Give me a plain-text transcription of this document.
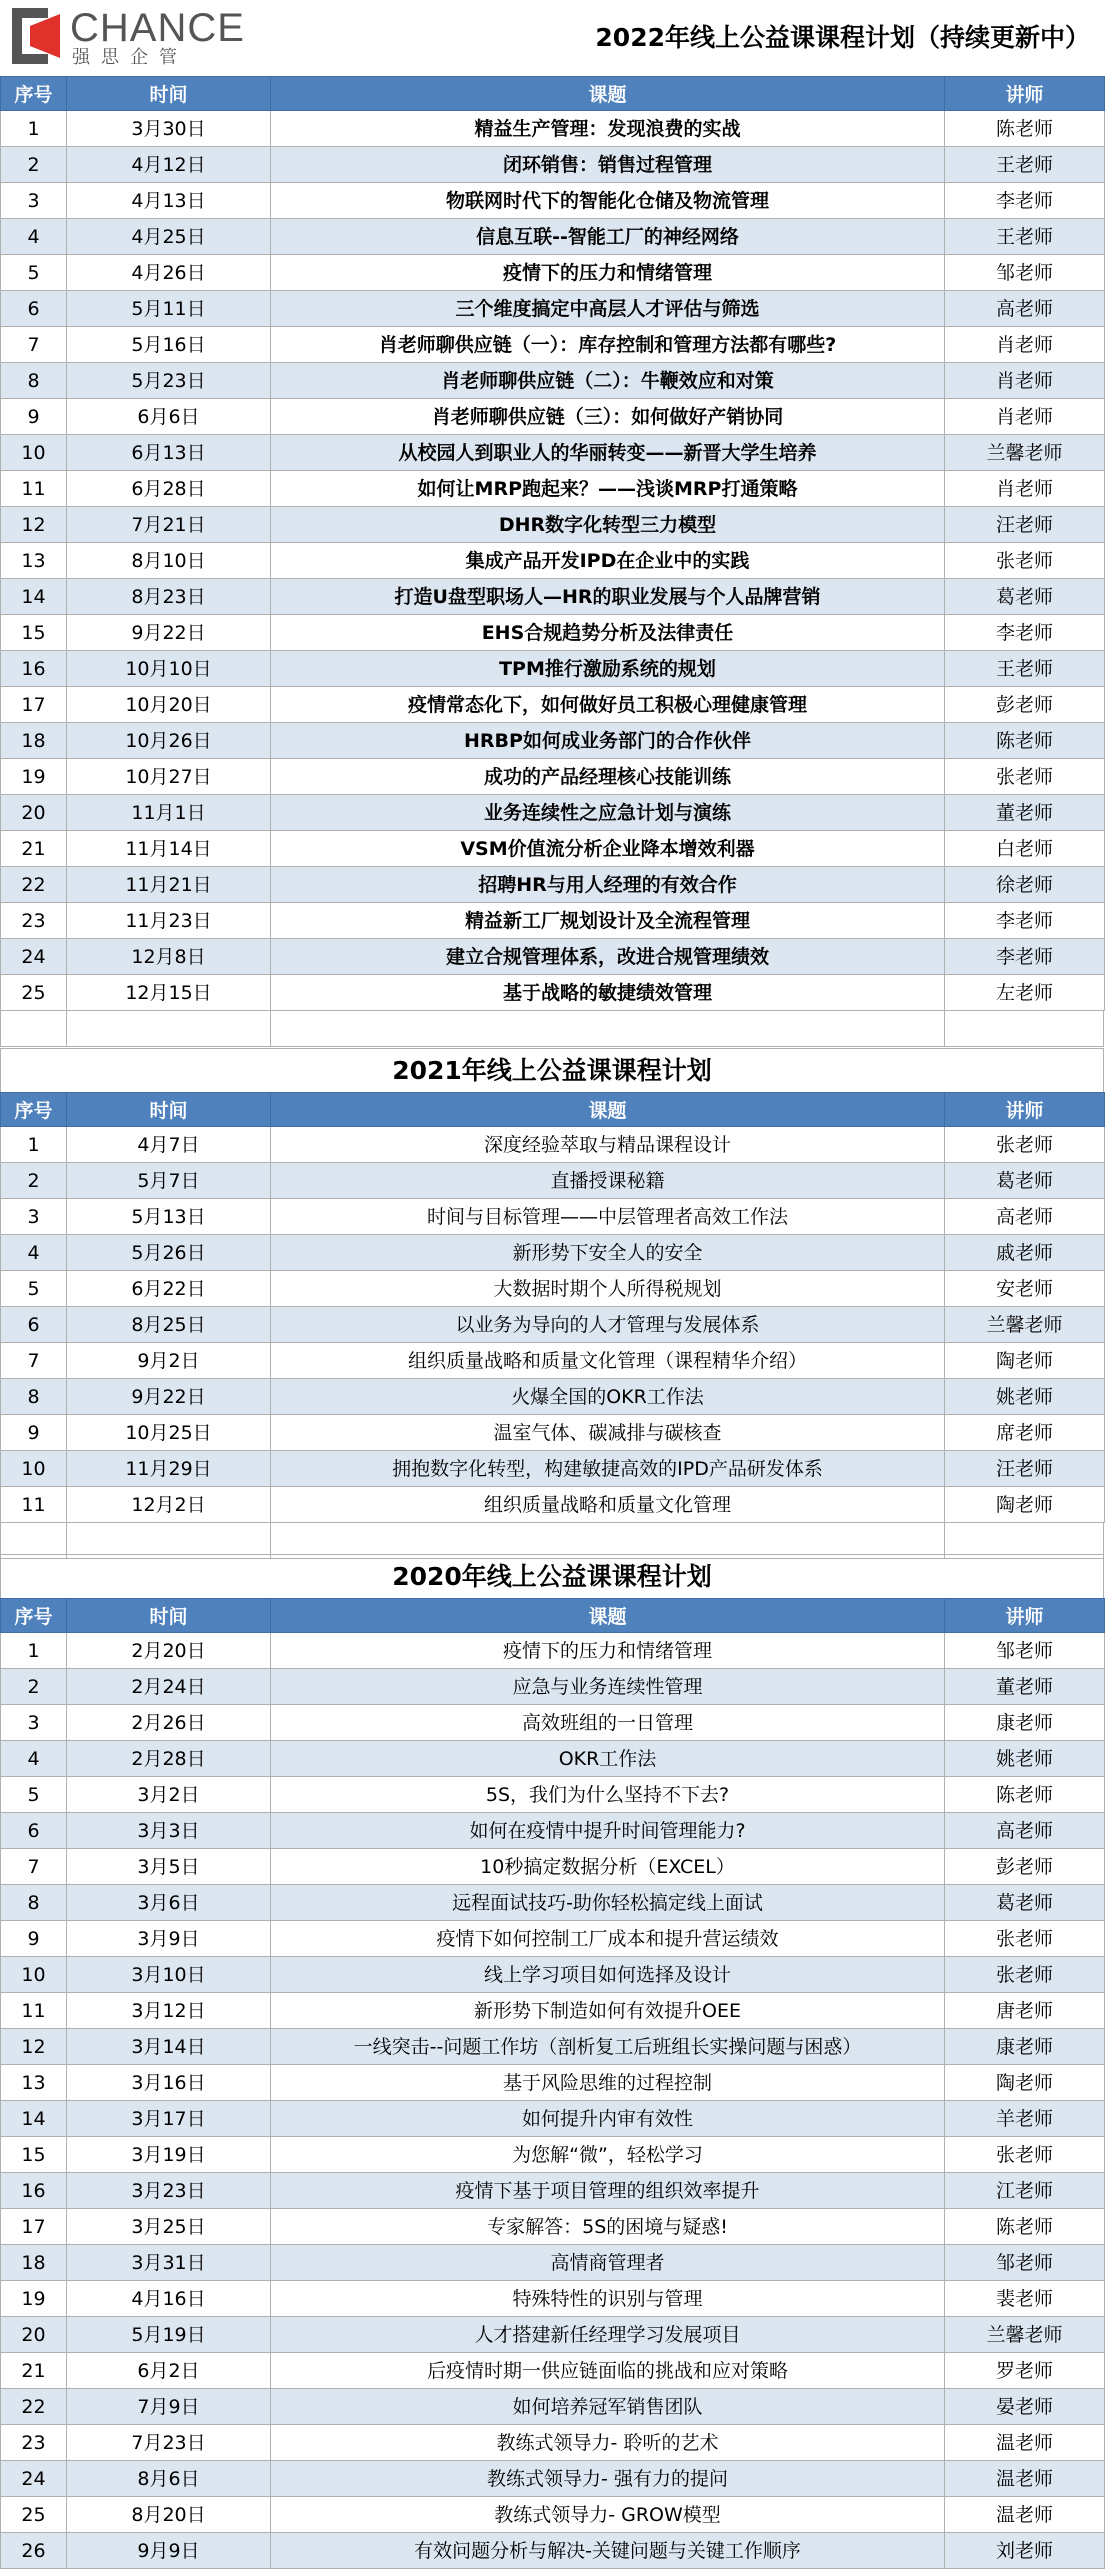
CHANCE
强思企管
2022年线上公益课课程计划（持续更新中）
序号	时间	课题	讲师
1	3月30日	精益生产管理：发现浪费的实战	陈老师
2	4月12日	闭环销售：销售过程管理	王老师
3	4月13日	物联网时代下的智能化仓储及物流管理	李老师
4	4月25日	信息互联--智能工厂的神经网络	王老师
5	4月26日	疫情下的压力和情绪管理	邹老师
6	5月11日	三个维度搞定中高层人才评估与筛选	高老师
7	5月16日	肖老师聊供应链（一）：库存控制和管理方法都有哪些?	肖老师
8	5月23日	肖老师聊供应链（二）：牛鞭效应和对策	肖老师
9	6月6日	肖老师聊供应链（三）：如何做好产销协同	肖老师
10	6月13日	从校园人到职业人的华丽转变——新晋大学生培养	兰馨老师
11	6月28日	如何让MRP跑起来？——浅谈MRP打通策略	肖老师
12	7月21日	DHR数字化转型三力模型	汪老师
13	8月10日	集成产品开发IPD在企业中的实践	张老师
14	8月23日	打造U盘型职场人—HR的职业发展与个人品牌营销	葛老师
15	9月22日	EHS合规趋势分析及法律责任	李老师
16	10月10日	TPM推行激励系统的规划	王老师
17	10月20日	疫情常态化下，如何做好员工积极心理健康管理	彭老师
18	10月26日	HRBP如何成业务部门的合作伙伴	陈老师
19	10月27日	成功的产品经理核心技能训练	张老师
20	11月1日	业务连续性之应急计划与演练	董老师
21	11月14日	VSM价值流分析企业降本增效利器	白老师
22	11月21日	招聘HR与用人经理的有效合作	徐老师
23	11月23日	精益新工厂规划设计及全流程管理	李老师
24	12月8日	建立合规管理体系，改进合规管理绩效	李老师
25	12月15日	基于战略的敏捷绩效管理	左老师
2021年线上公益课课程计划
序号	时间	课题	讲师
1	4月7日	深度经验萃取与精品课程设计	张老师
2	5月7日	直播授课秘籍	葛老师
3	5月13日	时间与目标管理——中层管理者高效工作法	高老师
4	5月26日	新形势下安全人的安全	戚老师
5	6月22日	大数据时期个人所得税规划	安老师
6	8月25日	以业务为导向的人才管理与发展体系	兰馨老师
7	9月2日	组织质量战略和质量文化管理（课程精华介绍）	陶老师
8	9月22日	火爆全国的OKR工作法	姚老师
9	10月25日	温室气体、碳减排与碳核查	席老师
10	11月29日	拥抱数字化转型，构建敏捷高效的IPD产品研发体系	汪老师
11	12月2日	组织质量战略和质量文化管理	陶老师
2020年线上公益课课程计划
序号	时间	课题	讲师
1	2月20日	疫情下的压力和情绪管理	邹老师
2	2月24日	应急与业务连续性管理	董老师
3	2月26日	高效班组的一日管理	康老师
4	2月28日	OKR工作法	姚老师
5	3月2日	5S，我们为什么坚持不下去?	陈老师
6	3月3日	如何在疫情中提升时间管理能力?	高老师
7	3月5日	10秒搞定数据分析（EXCEL）	彭老师
8	3月6日	远程面试技巧-助你轻松搞定线上面试	葛老师
9	3月9日	疫情下如何控制工厂成本和提升营运绩效	张老师
10	3月10日	线上学习项目如何选择及设计	张老师
11	3月12日	新形势下制造如何有效提升OEE	唐老师
12	3月14日	一线突击--问题工作坊（剖析复工后班组长实操问题与困惑）	康老师
13	3月16日	基于风险思维的过程控制	陶老师
14	3月17日	如何提升内审有效性	羊老师
15	3月19日	为您解“微”，轻松学习	张老师
16	3月23日	疫情下基于项目管理的组织效率提升	江老师
17	3月25日	专家解答：5S的困境与疑惑!	陈老师
18	3月31日	高情商管理者	邹老师
19	4月16日	特殊特性的识别与管理	裴老师
20	5月19日	人才搭建新任经理学习发展项目	兰馨老师
21	6月2日	后疫情时期一供应链面临的挑战和应对策略	罗老师
22	7月9日	如何培养冠军销售团队	晏老师
23	7月23日	教练式领导力- 聆听的艺术	温老师
24	8月6日	教练式领导力- 强有力的提问	温老师
25	8月20日	教练式领导力- GROW模型	温老师
26	9月9日	有效问题分析与解决-关键问题与关键工作顺序	刘老师
